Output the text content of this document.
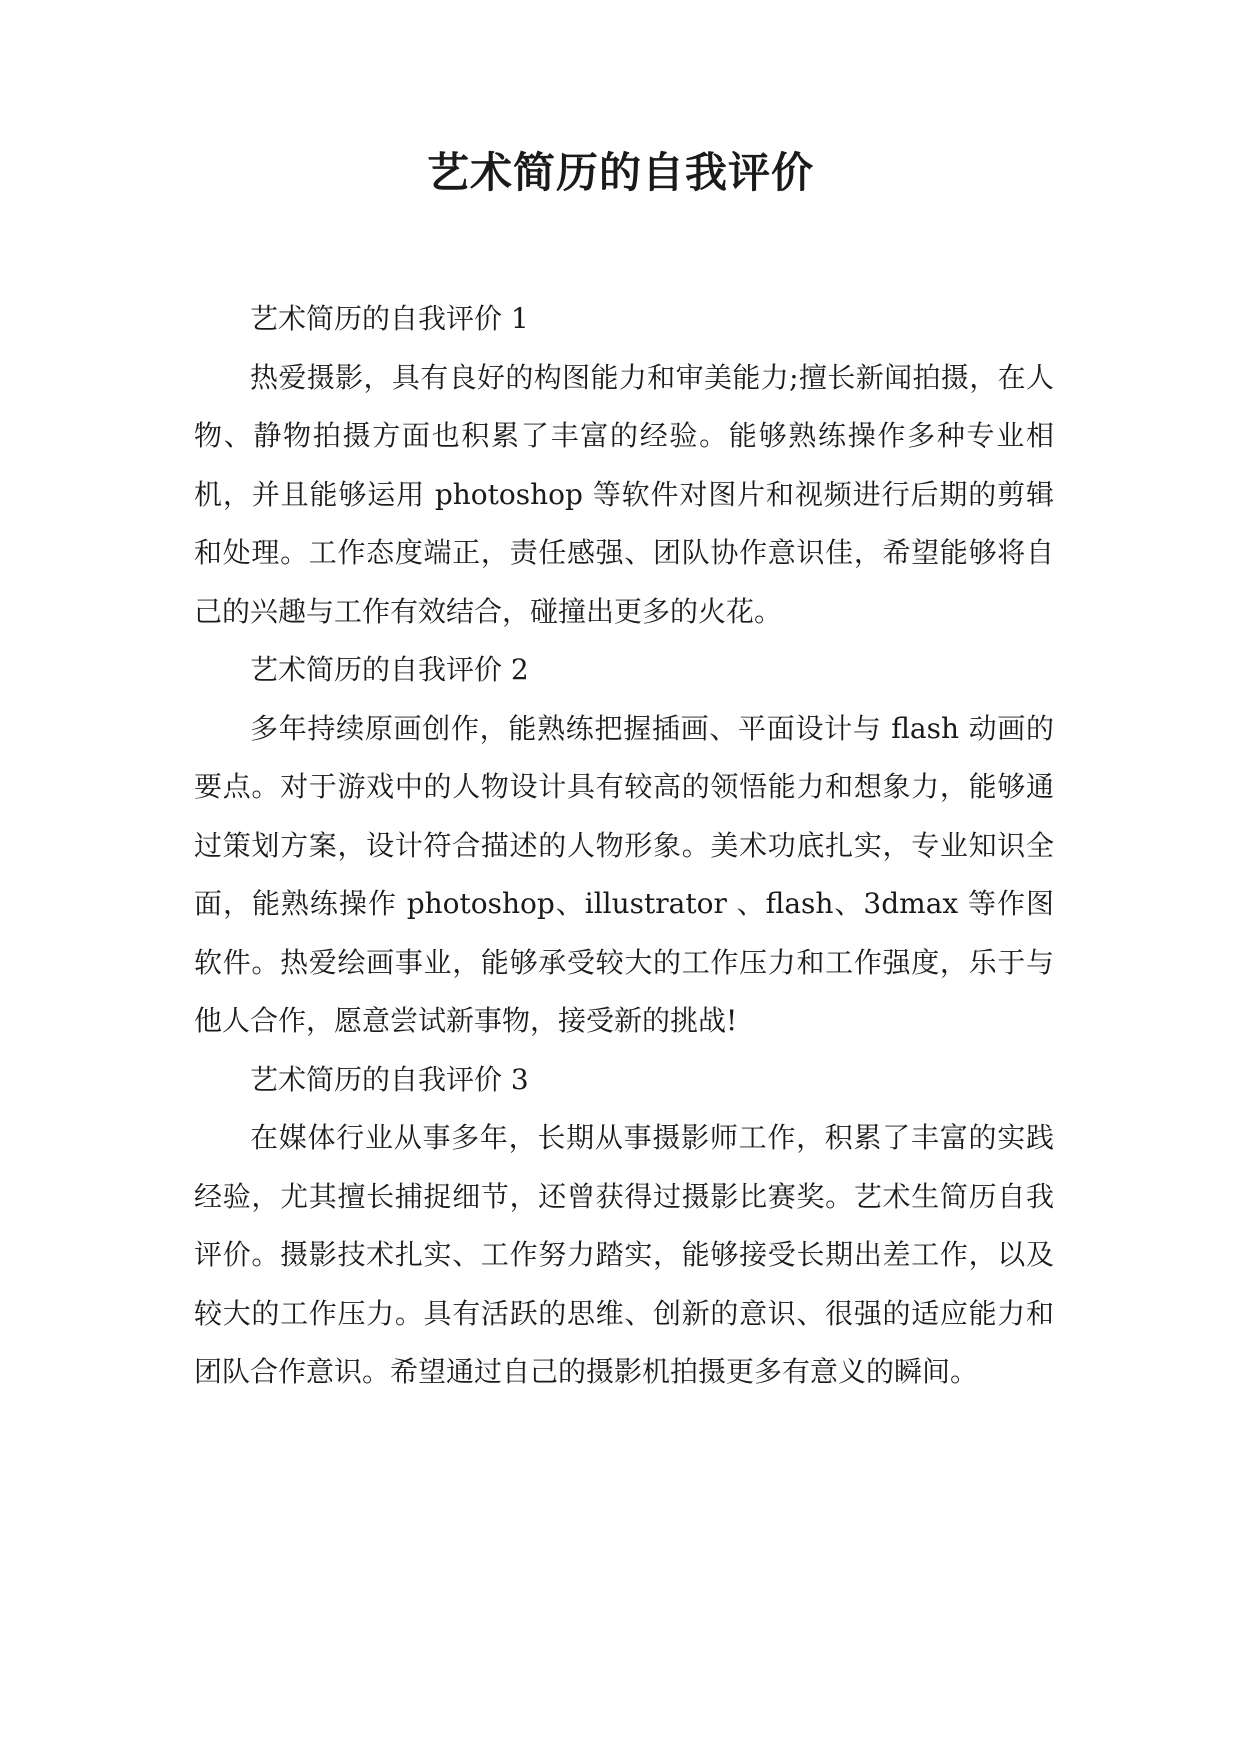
艺术简历的自我评价

艺术简历的自我评价 1

热爱摄影，具有良好的构图能力和审美能力;擅长新闻拍摄，在人物、静物拍摄方面也积累了丰富的经验。能够熟练操作多种专业相机，并且能够运用 photoshop 等软件对图片和视频进行后期的剪辑和处理。工作态度端正，责任感强、团队协作意识佳，希望能够将自己的兴趣与工作有效结合，碰撞出更多的火花。

艺术简历的自我评价 2

多年持续原画创作，能熟练把握插画、平面设计与 flash 动画的要点。对于游戏中的人物设计具有较高的领悟能力和想象力，能够通过策划方案，设计符合描述的人物形象。美术功底扎实，专业知识全面，能熟练操作 photoshop、illustrator 、flash、3dmax 等作图软件。热爱绘画事业，能够承受较大的工作压力和工作强度，乐于与他人合作，愿意尝试新事物，接受新的挑战!

艺术简历的自我评价 3

在媒体行业从事多年，长期从事摄影师工作，积累了丰富的实践经验，尤其擅长捕捉细节，还曾获得过摄影比赛奖。艺术生简历自我评价。摄影技术扎实、工作努力踏实，能够接受长期出差工作，以及较大的工作压力。具有活跃的思维、创新的意识、很强的适应能力和团队合作意识。希望通过自己的摄影机拍摄更多有意义的瞬间。
